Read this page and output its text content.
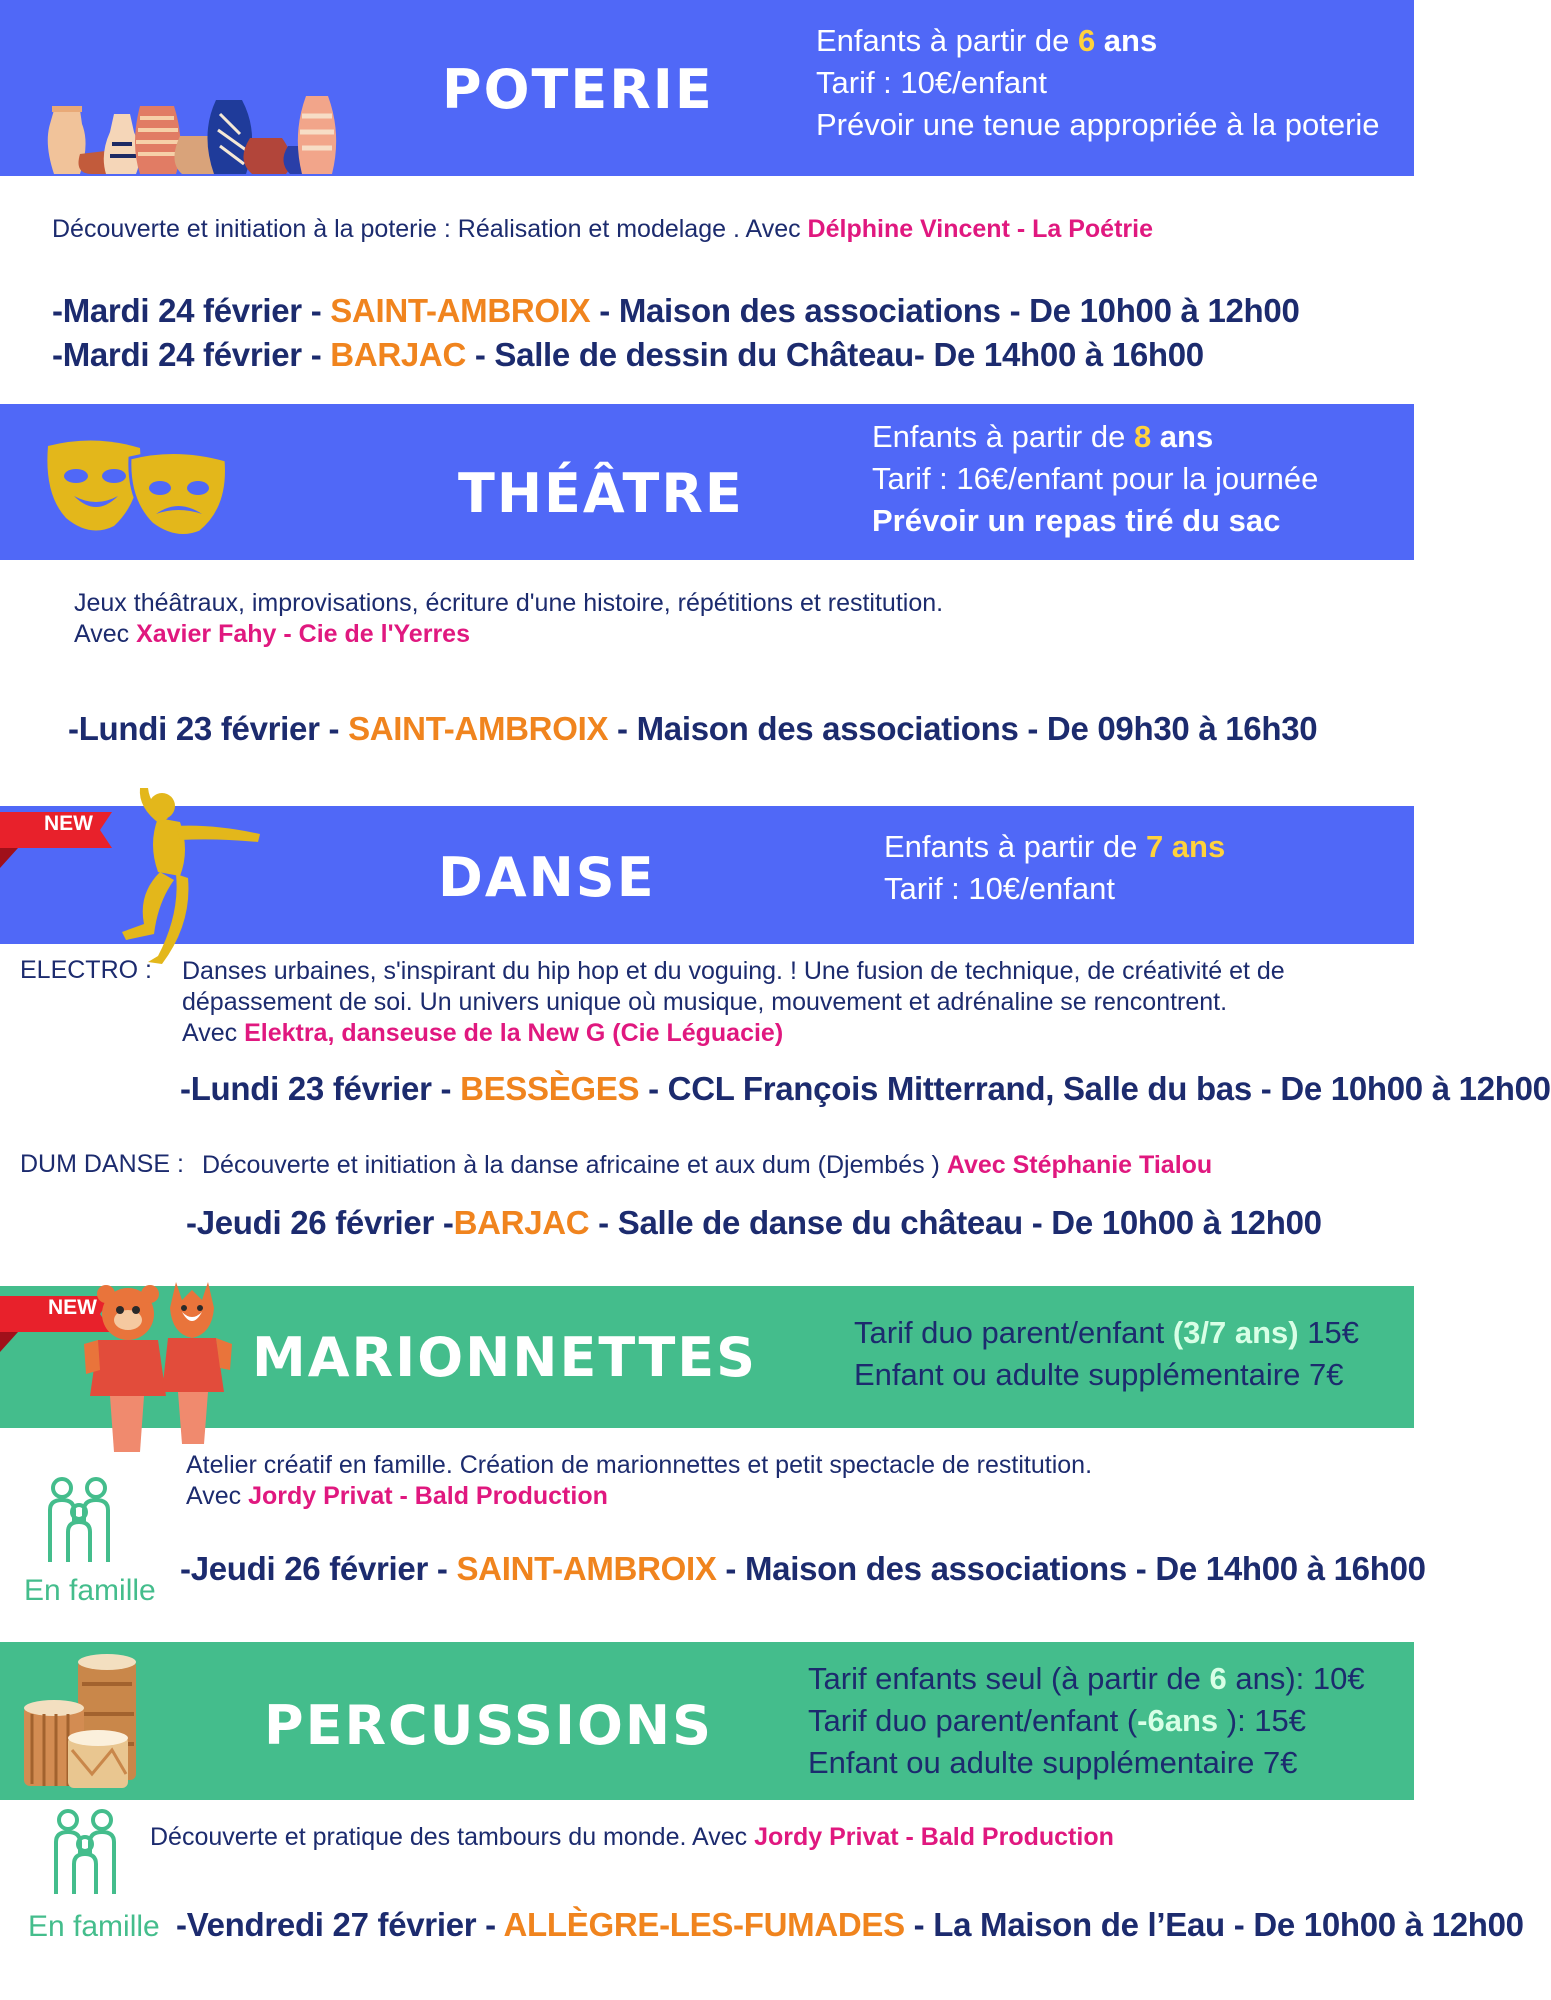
POTERIE
Enfants à partir de 6 ans
Tarif : 10€/enfant
Prévoir une tenue appropriée à la poterie
Découverte et initiation à la poterie : Réalisation et modelage . Avec Délphine Vincent - La Poétrie
-Mardi 24 février - SAINT-AMBROIX - Maison des associations - De 10h00 à 12h00
-Mardi 24 février - BARJAC - Salle de dessin du Château- De 14h00 à 16h00
THÉÂTRE
Enfants à partir de 8 ans
Tarif : 16€/enfant pour la journée
Prévoir un repas tiré du sac
Jeux théâtraux, improvisations, écriture d'une histoire, répétitions et restitution.
Avec Xavier Fahy - Cie de l'Yerres
-Lundi 23 février - SAINT-AMBROIX - Maison des associations - De 09h30 à 16h30
DANSE	Enfants à partir de 7 ans
Tarif : 10€/enfant
NEW
ELECTRO : Danses urbaines, s'inspirant du hip hop et du voguing. ! Une fusion de technique, de créativité et de
dépassement de soi. Un univers unique où musique, mouvement et adrénaline se rencontrent.
Avec Elektra, danseuse de la New G (Cie Léguacie)
-Lundi 23 février - BESSÈGES - CCL François Mitterrand, Salle du bas - De 10h00 à 12h00
DUM DANSE : Découverte et initiation à la danse africaine et aux dum (Djembés ) Avec Stéphanie Tialou
-Jeudi 26 février -BARJAC - Salle de danse du château - De 10h00 à 12h00
MARIONNETTES	Tarif duo parent/enfant (3/7 ans) 15€
Enfant ou adulte supplémentaire 7€
NEW
En famille
Atelier créatif en famille. Création de marionnettes et petit spectacle de restitution.
Avec Jordy Privat - Bald Production
-Jeudi 26 février - SAINT-AMBROIX - Maison des associations - De 14h00 à 16h00
PERCUSSIONS
Tarif enfants seul (à partir de 6 ans): 10€
Tarif duo parent/enfant (-6ans ): 15€
Enfant ou adulte supplémentaire 7€
En famille
Découverte et pratique des tambours du monde. Avec Jordy Privat - Bald Production
-Vendredi 27 février - ALLÈGRE-LES-FUMADES - La Maison de l’Eau - De 10h00 à 12h00
